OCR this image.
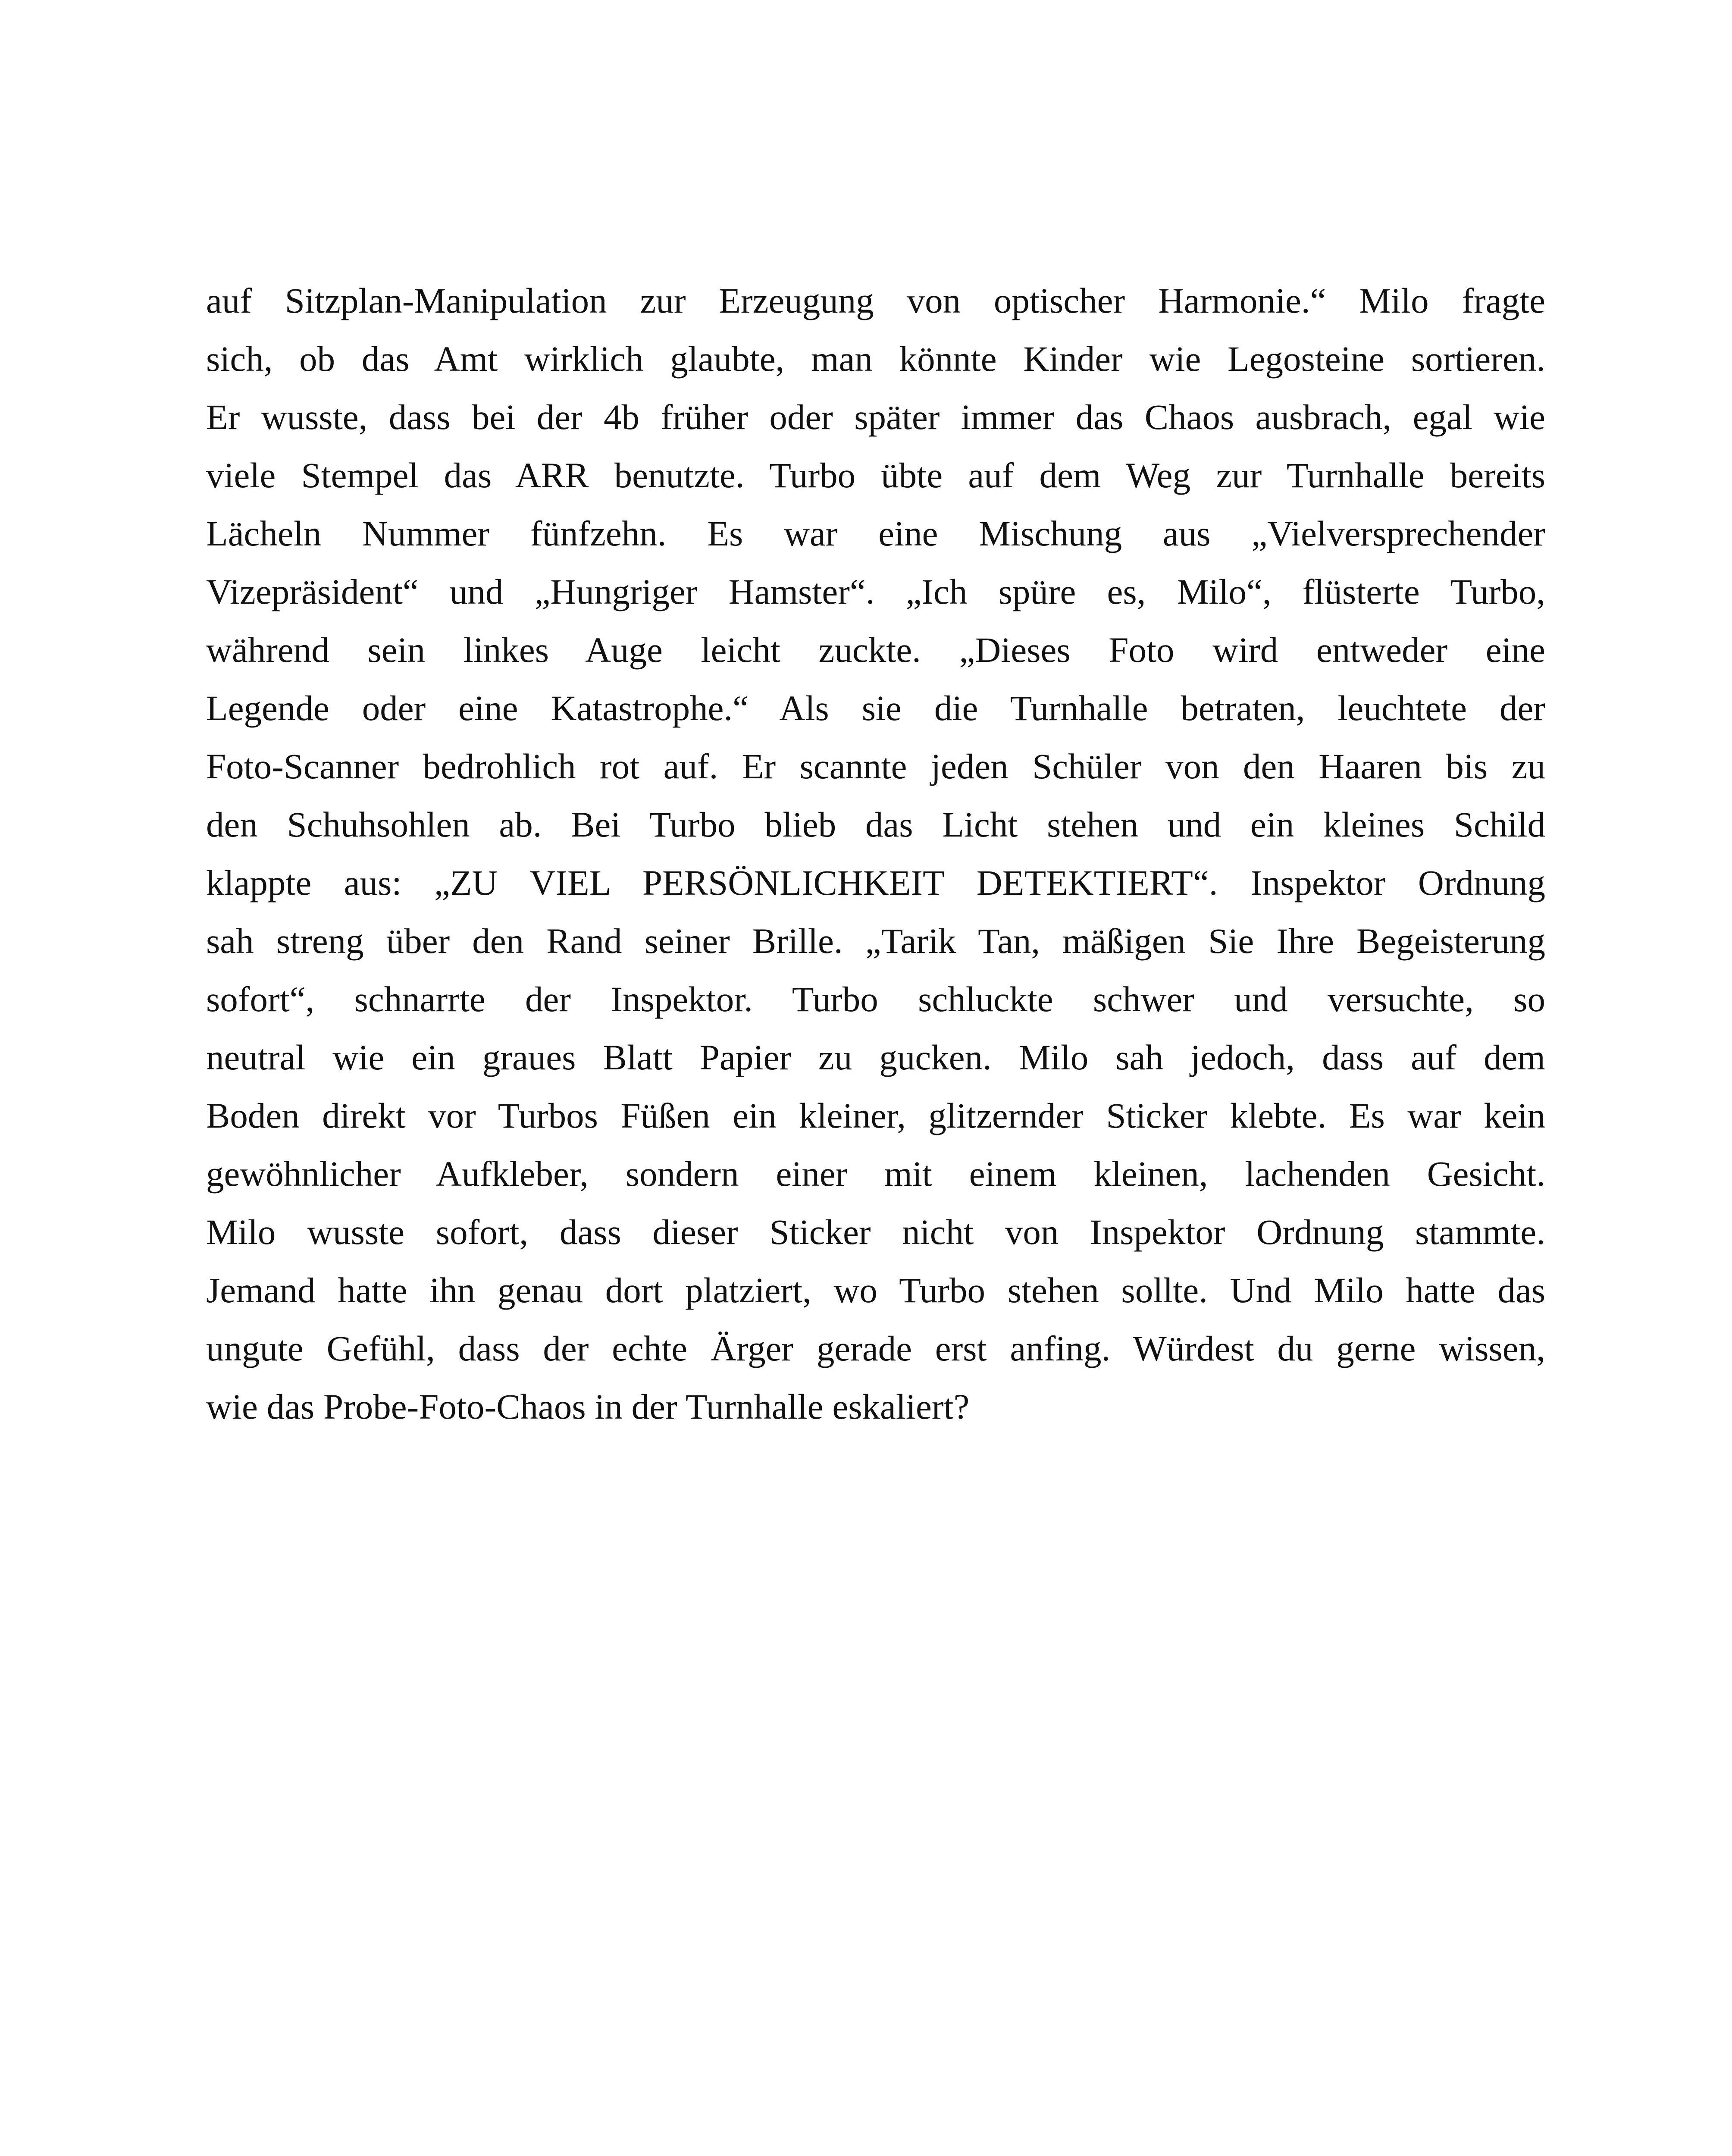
auf Sitzplan-Manipulation zur Erzeugung von optischer Harmonie.“ Milo fragte
sich, ob das Amt wirklich glaubte, man könnte Kinder wie Legosteine sortieren.
Er wusste, dass bei der 4b früher oder später immer das Chaos ausbrach, egal wie
viele Stempel das ARR benutzte. Turbo übte auf dem Weg zur Turnhalle bereits
Lächeln Nummer fünfzehn. Es war eine Mischung aus „Vielversprechender
Vizepräsident“ und „Hungriger Hamster“. „Ich spüre es, Milo“, flüsterte Turbo,
während sein linkes Auge leicht zuckte. „Dieses Foto wird entweder eine
Legende oder eine Katastrophe.“ Als sie die Turnhalle betraten, leuchtete der
Foto-Scanner bedrohlich rot auf. Er scannte jeden Schüler von den Haaren bis zu
den Schuhsohlen ab. Bei Turbo blieb das Licht stehen und ein kleines Schild
klappte aus: „ZU VIEL PERSÖNLICHKEIT DETEKTIERT“. Inspektor Ordnung
sah streng über den Rand seiner Brille. „Tarik Tan, mäßigen Sie Ihre Begeisterung
sofort“, schnarrte der Inspektor. Turbo schluckte schwer und versuchte, so
neutral wie ein graues Blatt Papier zu gucken. Milo sah jedoch, dass auf dem
Boden direkt vor Turbos Füßen ein kleiner, glitzernder Sticker klebte. Es war kein
gewöhnlicher Aufkleber, sondern einer mit einem kleinen, lachenden Gesicht.
Milo wusste sofort, dass dieser Sticker nicht von Inspektor Ordnung stammte.
Jemand hatte ihn genau dort platziert, wo Turbo stehen sollte. Und Milo hatte das
ungute Gefühl, dass der echte Ärger gerade erst anfing. Würdest du gerne wissen,
wie das Probe-Foto-Chaos in der Turnhalle eskaliert?
